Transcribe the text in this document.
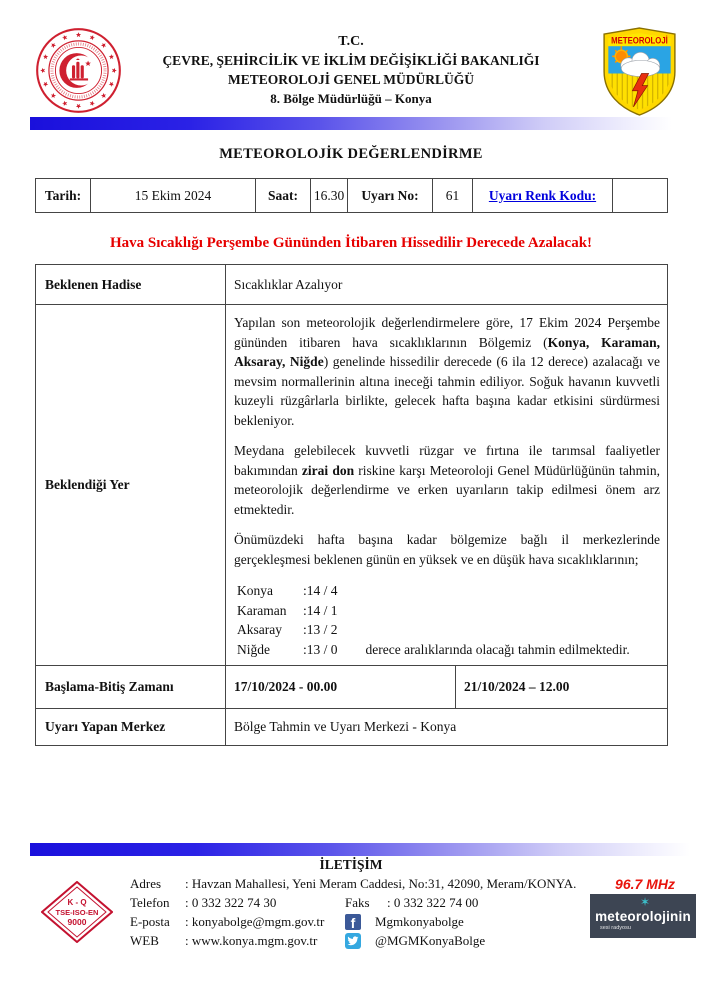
T.C.
ÇEVRE, ŞEHİRCİLİK VE İKLİM DEĞİŞİKLİĞİ BAKANLIĞI
METEOROLOJİ GENEL MÜDÜRLÜĞÜ
8. Bölge Müdürlüğü – Konya
METEOROLOJİ
METEOROLOJİK DEĞERLENDİRME
Tarih:	15 Ekim 2024	Saat:	16.30	Uyarı No:	61	Uyarı Renk Kodu:	
Hava Sıcaklığı Perşembe Gününden İtibaren Hissedilir Derecede Azalacak!
Beklenen Hadise	Sıcaklıklar Azalıyor	
Beklendiği Yer	

Yapılan son meteorolojik değerlendirmelere göre, 17 Ekim 2024 Perşembe gününden itibaren hava sıcaklıklarının Bölgemiz (Konya, Karaman, Aksaray, Niğde) genelinde hissedilir derecede (6 ila 12 derece) azalacağı ve mevsim normallerinin altına ineceği tahmin ediliyor. Soğuk havanın kuvvetli kuzeyli rüzgârlarla birlikte, gelecek hafta başına kadar etkisini sürdürmesi bekleniyor.

Meydana gelebilecek kuvvetli rüzgar ve fırtına ile tarımsal faaliyetler bakımından zirai don riskine karşı Meteoroloji Genel Müdürlüğünün tahmin, meteorolojik değerlendirme ve erken uyarıların takip edilmesi önem arz etmektedir.

Önümüzdeki hafta başına kadar bölgemize bağlı il merkezlerinde gerçekleşmesi beklenen günün en yüksek ve en düşük hava sıcaklıklarının;

Konya :14 / 4
Karaman :14 / 1
Aksaray :13 / 2
Niğde :13 / 0 derece aralıklarında olacağı tahmin edilmektedir.

Başlama-Bitiş Zamanı	17/10/2024 - 00.00	21/10/2024 – 12.00
Uyarı Yapan Merkez	Bölge Tahmin ve Uyarı Merkezi - Konya	
İLETİŞİM
K - Q
TSE-ISO-EN
9000
Adres	: Havzan Mahallesi, Yeni Meram Caddesi, No:31, 42090, Meram/KONYA.
Telefon	: 0 332 322 74 30	Faks	: 0 332 322 74 00
E-posta	: konyabolge@mgm.gov.tr	f Mgmkonyabolge
WEB	: www.konya.mgm.gov.tr	@MGMKonyaBolge
96.7 MHz
✶
meteorolojinin
sesi radyosu
